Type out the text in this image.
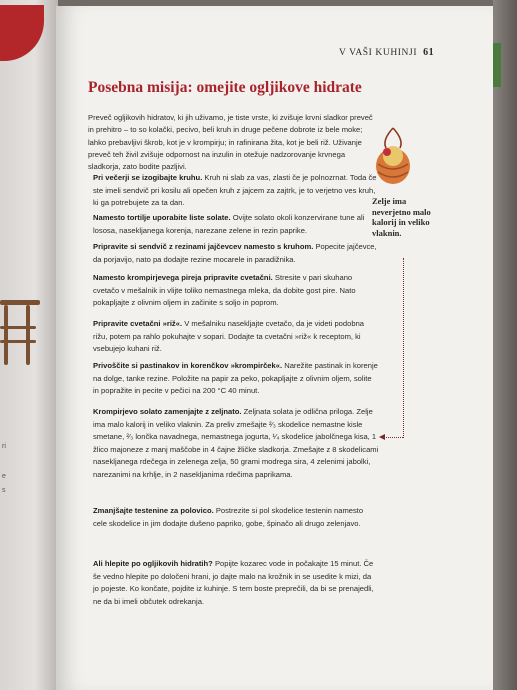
ri
e
s
V VAŠI KUHINJI 61
Posebna misija: omejite ogljikove hidrate
Preveč ogljikovih hidratov, ki jih uživamo, je tiste vrste, ki zvišuje krvni sladkor preveč in prehitro – to so kolački, pecivo, beli kruh in druge pečene dobrote iz bele moke; lahko prebavljivi škrob, kot je v krompirju; in rafinirana žita, kot je beli riž. Uživanje preveč teh živil zvišuje odpornost na inzulin in otežuje nadzorovanje krvnega sladkorja, zato bodite pazljivi.
Pri večerji se izogibajte kruhu. Kruh ni slab za vas, zlasti če je polnozrnat. Toda če ste imeli sendvič pri kosilu ali opečen kruh z jajcem za zajtrk, je to verjetno ves kruh, ki ga potrebujete za ta dan.
Namesto tortilje uporabite liste solate. Ovijte solato okoli konzervirane tune ali lososa, nasekljanega korenja, narezane zelene in rezin paprike.
Pripravite si sendvič z rezinami jajčevcev namesto s kruhom. Popecite jajčevce, da porjavijo, nato pa dodajte rezine mocarele in paradižnika.
Namesto krompirjevega pireja pripravite cvetačni. Stresite v pari skuhano cvetačo v mešalnik in vlijte toliko nemastnega mleka, da dobite gost pire. Nato pokapljajte z olivnim oljem in začinite s soljo in poprom.
Pripravite cvetačni »riž«. V mešalniku nasekljajte cvetačo, da je videti podobna rižu, potem pa rahlo pokuhajte v sopari. Dodajte ta cvetačni »riž« k receptom, ki vsebujejo kuhani riž.
Privoščite si pastinakov in korenčkov »krompirček«. Narežite pastinak in korenje na dolge, tanke rezine. Položite na papir za peko, pokapljajte z olivnim oljem, solite in popražite in pecite v pečici na 200 °C 40 minut.
Krompirjevo solato zamenjajte z zeljnato. Zeljnata solata je odlična priloga. Zelje ima malo kalorij in veliko vlaknin. Za preliv zmešajte ²⁄₃ skodelice nemastne kisle smetane, ²⁄₃ lončka navadnega, nemastnega jogurta, ¹⁄₄ skodelice jabolčnega kisa, 1 žlico majoneze z manj maščobe in 4 čajne žličke sladkorja. Zmešajte z 8 skodelicami nasekljanega rdečega in zelenega zelja, 50 grami modrega sira, 4 zelenimi jabolki, narezanimi na krhlje, in 2 nasekljanima rdečima paprikama.
Zmanjšajte testenine za polovico. Postrezite si pol skodelice testenin namesto cele skodelice in jim dodajte dušeno papriko, gobe, špinačo ali drugo zelenjavo.
Ali hlepite po ogljikovih hidratih? Popijte kozarec vode in počakajte 15 minut. Če še vedno hlepite po določeni hrani, jo dajte malo na krožnik in se usedite k mizi, da jo pojeste. Ko končate, pojdite iz kuhinje. S tem boste preprečili, da bi se prenajedli, ne da bi imeli občutek odrekanja.
Zelje ima neverjetno malo kalorij in veliko vlaknin.
